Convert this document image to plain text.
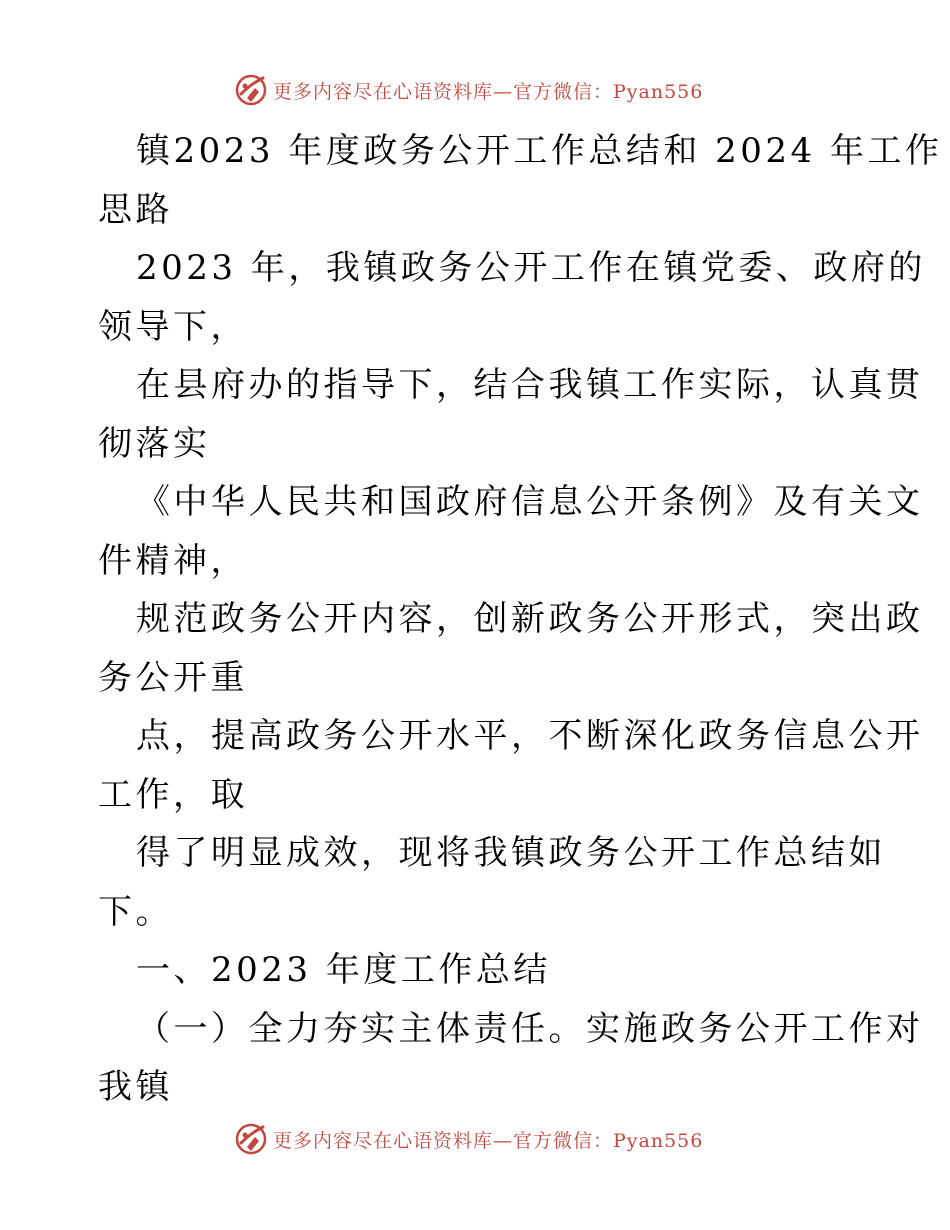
更多内容尽在心语资料库—官方微信：Pyan556
镇2023 年度政务公开工作总结和 2024 年工作
思路
2023 年，我镇政务公开工作在镇党委、政府的
领导下，
在县府办的指导下，结合我镇工作实际，认真贯
彻落实
《中华人民共和国政府信息公开条例》及有关文
件精神，
规范政务公开内容，创新政务公开形式，突出政
务公开重
点，提高政务公开水平，不断深化政务信息公开
工作，取
得了明显成效，现将我镇政务公开工作总结如
下。
一、2023 年度工作总结
（一）全力夯实主体责任。实施政务公开工作对
我镇
更多内容尽在心语资料库—官方微信：Pyan556
